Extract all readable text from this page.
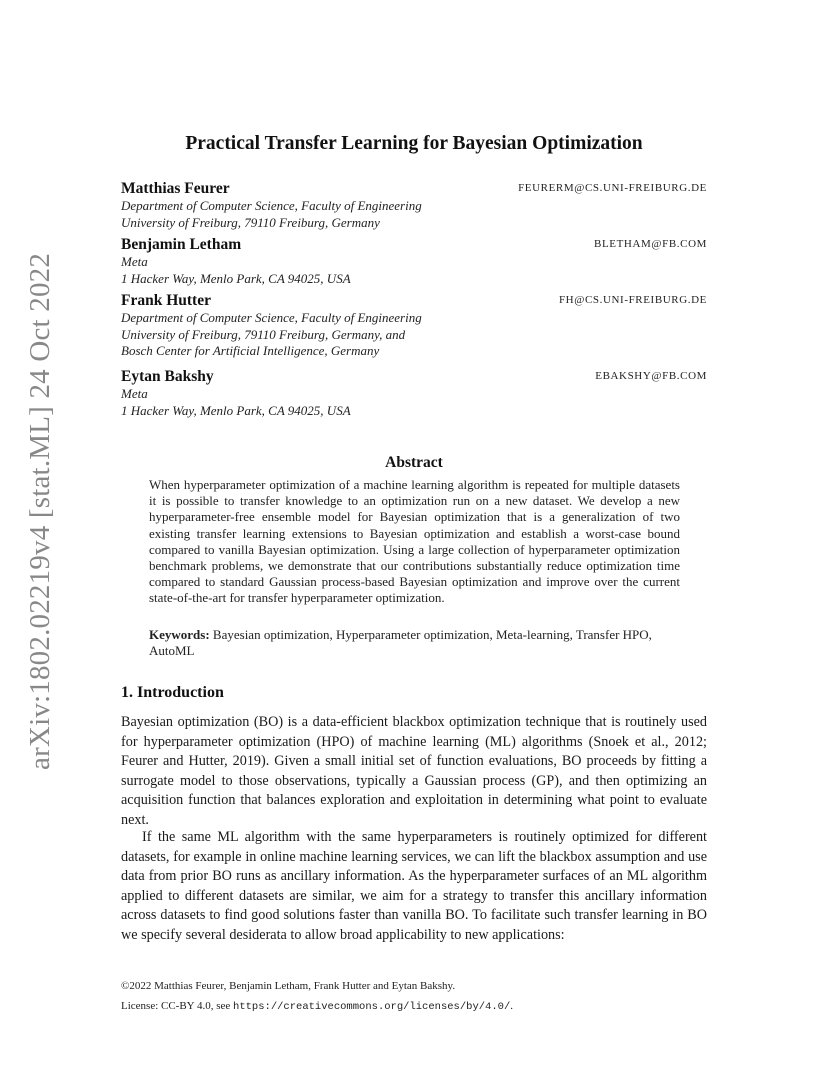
arXiv:1802.02219v4 [stat.ML] 24 Oct 2022
Practical Transfer Learning for Bayesian Optimization
Matthias Feurer	FEURERM@CS.UNI-FREIBURG.DE
Department of Computer Science, Faculty of Engineering
University of Freiburg, 79110 Freiburg, Germany
Benjamin Letham	BLETHAM@FB.COM
Meta
1 Hacker Way, Menlo Park, CA 94025, USA
Frank Hutter	FH@CS.UNI-FREIBURG.DE
Department of Computer Science, Faculty of Engineering
University of Freiburg, 79110 Freiburg, Germany, and
Bosch Center for Artificial Intelligence, Germany
Eytan Bakshy	EBAKSHY@FB.COM
Meta
1 Hacker Way, Menlo Park, CA 94025, USA
Abstract
When hyperparameter optimization of a machine learning algorithm is repeated for multiple datasets it is possible to transfer knowledge to an optimization run on a new dataset. We develop a new hyperparameter-free ensemble model for Bayesian optimization that is a generalization of two existing transfer learning extensions to Bayesian optimization and establish a worst-case bound compared to vanilla Bayesian optimization. Using a large collection of hyperparameter optimization benchmark problems, we demonstrate that our contributions substantially reduce optimization time compared to standard Gaussian process-based Bayesian optimization and improve over the current state-of-the-art for transfer hyperparameter optimization.
Keywords: Bayesian optimization, Hyperparameter optimization, Meta-learning, Transfer HPO, AutoML
1. Introduction
Bayesian optimization (BO) is a data-efficient blackbox optimization technique that is routinely used for hyperparameter optimization (HPO) of machine learning (ML) algorithms (Snoek et al., 2012; Feurer and Hutter, 2019). Given a small initial set of function evaluations, BO proceeds by fitting a surrogate model to those observations, typically a Gaussian process (GP), and then optimizing an acquisition function that balances exploration and exploitation in determining what point to evaluate next.
If the same ML algorithm with the same hyperparameters is routinely optimized for different datasets, for example in online machine learning services, we can lift the blackbox assumption and use data from prior BO runs as ancillary information. As the hyperparameter surfaces of an ML algorithm applied to different datasets are similar, we aim for a strategy to transfer this ancillary information across datasets to find good solutions faster than vanilla BO. To facilitate such transfer learning in BO we specify several desiderata to allow broad applicability to new applications:
©2022 Matthias Feurer, Benjamin Letham, Frank Hutter and Eytan Bakshy.
License: CC-BY 4.0, see https://creativecommons.org/licenses/by/4.0/.
